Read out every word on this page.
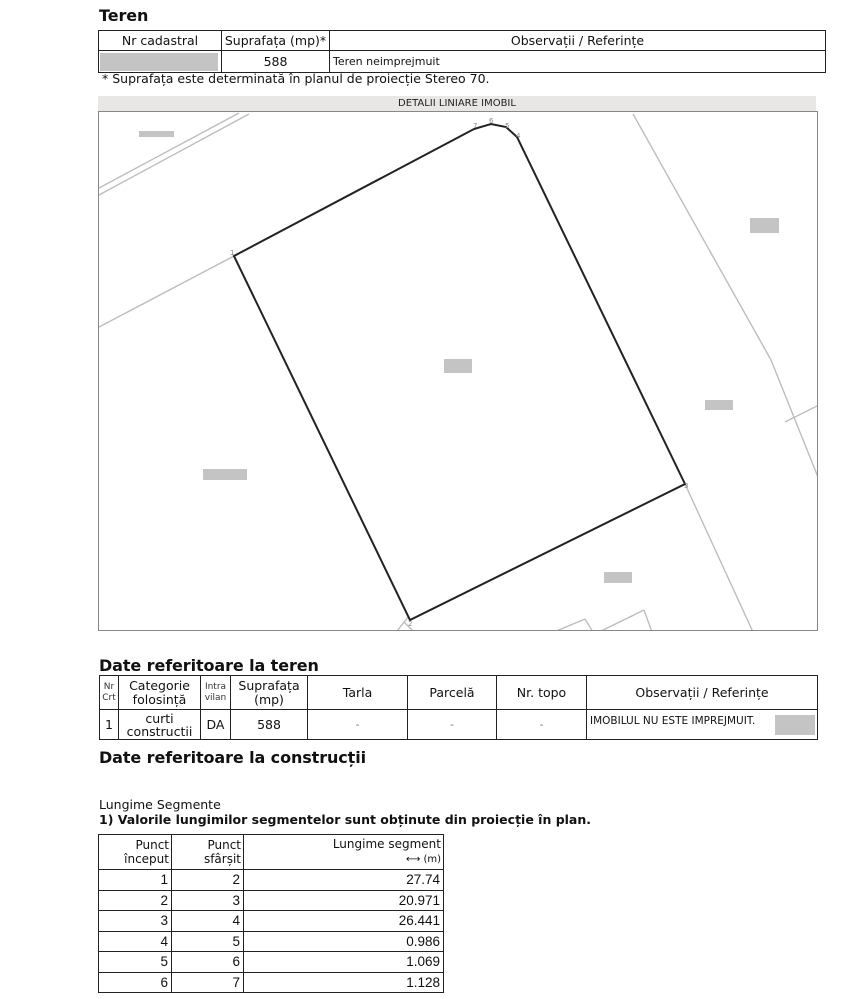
Teren
Nr cadastral	Suprafața (mp)*	Observații / Referințe

	588	Teren neimprejmuit
* Suprafața este determinată în planul de proiecție Stereo 70.
DETALII LINIARE IMOBIL
1
2
3
4
5
6
7
Date referitoare la teren
Nr Crt	Categorie folosință	Intra vilan	Suprafața (mp)	Tarla	Parcelă	Nr. topo	Observații / Referințe
1	curti constructii	DA	588	-	-	-	IMOBILUL NU ESTE IMPREJMUIT.
Date referitoare la construcții
Lungime Segmente
1) Valorile lungimilor segmentelor sunt obținute din proiecție în plan.
Punct început	Punct sfârșit	Lungime segment
⟷ (m)
1	2	27.74
2	3	20.971
3	4	26.441
4	5	0.986
5	6	1.069
6	7	1.128
